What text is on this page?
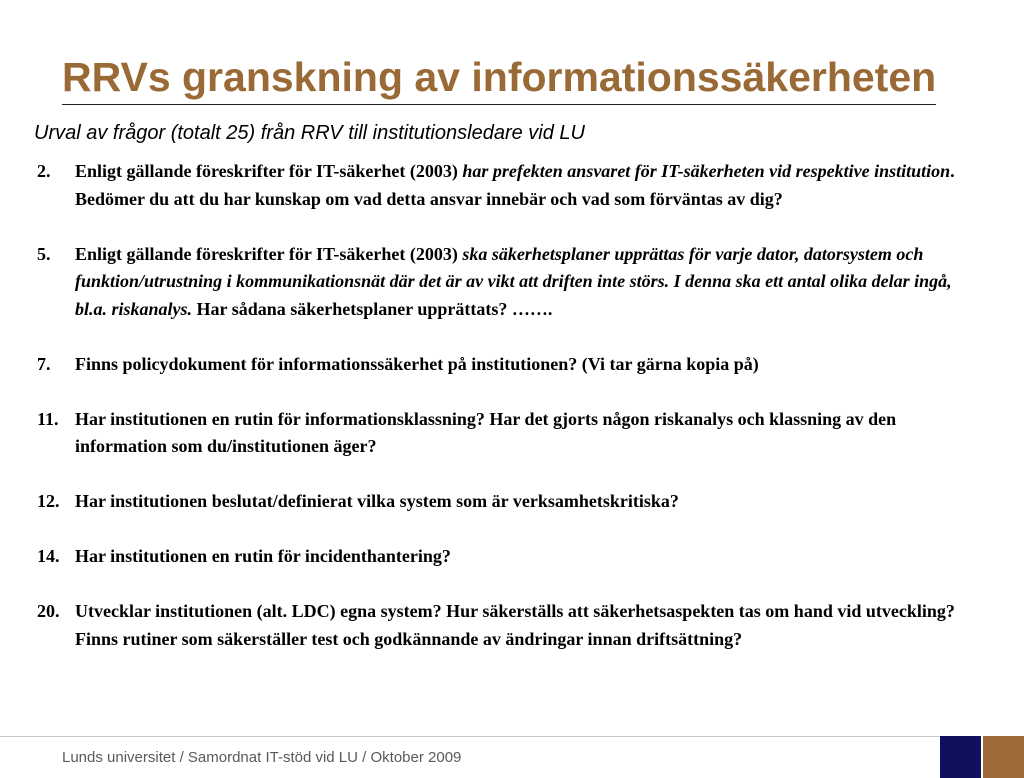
RRVs granskning av informationssäkerheten
Urval av frågor (totalt 25) från RRV till institutionsledare vid LU
2. Enligt gällande föreskrifter för IT-säkerhet (2003) har prefekten ansvaret för IT-säkerheten vid respektive institution. Bedömer du att du har kunskap om vad detta ansvar innebär och vad som förväntas av dig?
5. Enligt gällande föreskrifter för IT-säkerhet (2003) ska säkerhetsplaner upprättas för varje dator, datorsystem och funktion/utrustning i kommunikationsnät där det är av vikt att driften inte störs. I denna ska ett antal olika delar ingå, bl.a. riskanalys. Har sådana säkerhetsplaner upprättats? …….
7. Finns policydokument för informationssäkerhet på institutionen? (Vi tar gärna kopia på)
11. Har institutionen en rutin för informationsklassning? Har det gjorts någon riskanalys och klassning av den information som du/institutionen äger?
12. Har institutionen beslutat/definierat vilka system som är verksamhetskritiska?
14. Har institutionen en rutin för incidenthantering?
20. Utvecklar institutionen (alt. LDC) egna system? Hur säkerställs att säkerhetsaspekten tas om hand vid utveckling? Finns rutiner som säkerställer test och godkännande av ändringar innan driftsättning?
Lunds universitet / Samordnat IT-stöd vid LU / Oktober 2009
